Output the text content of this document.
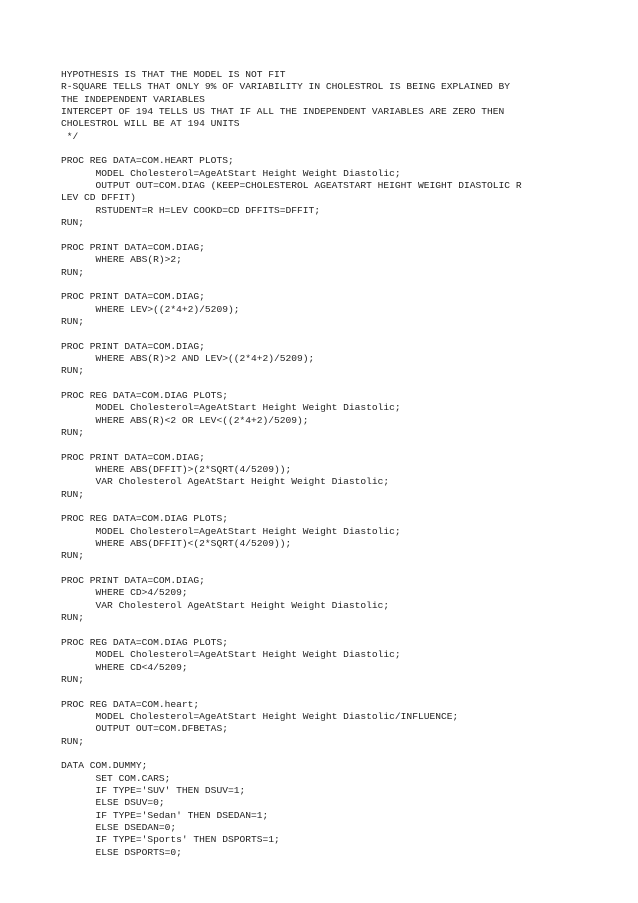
HYPOTHESIS IS THAT THE MODEL IS NOT FIT
R-SQUARE TELLS THAT ONLY 9% OF VARIABILITY IN CHOLESTROL IS BEING EXPLAINED BY
THE INDEPENDENT VARIABLES
INTERCEPT OF 194 TELLS US THAT IF ALL THE INDEPENDENT VARIABLES ARE ZERO THEN
CHOLESTROL WILL BE AT 194 UNITS
*/
PROC REG DATA=COM.HEART PLOTS;
MODEL Cholesterol=AgeAtStart Height Weight Diastolic;
OUTPUT OUT=COM.DIAG (KEEP=CHOLESTEROL AGEATSTART HEIGHT WEIGHT DIASTOLIC R
LEV CD DFFIT)
RSTUDENT=R H=LEV COOKD=CD DFFITS=DFFIT;
RUN;
PROC PRINT DATA=COM.DIAG;
WHERE ABS(R)>2;
RUN;
PROC PRINT DATA=COM.DIAG;
WHERE LEV>((2*4+2)/5209);
RUN;
PROC PRINT DATA=COM.DIAG;
WHERE ABS(R)>2 AND LEV>((2*4+2)/5209);
RUN;
PROC REG DATA=COM.DIAG PLOTS;
MODEL Cholesterol=AgeAtStart Height Weight Diastolic;
WHERE ABS(R)<2 OR LEV<((2*4+2)/5209);
RUN;
PROC PRINT DATA=COM.DIAG;
WHERE ABS(DFFIT)>(2*SQRT(4/5209));
VAR Cholesterol AgeAtStart Height Weight Diastolic;
RUN;
PROC REG DATA=COM.DIAG PLOTS;
MODEL Cholesterol=AgeAtStart Height Weight Diastolic;
WHERE ABS(DFFIT)<(2*SQRT(4/5209));
RUN;
PROC PRINT DATA=COM.DIAG;
WHERE CD>4/5209;
VAR Cholesterol AgeAtStart Height Weight Diastolic;
RUN;
PROC REG DATA=COM.DIAG PLOTS;
MODEL Cholesterol=AgeAtStart Height Weight Diastolic;
WHERE CD<4/5209;
RUN;
PROC REG DATA=COM.heart;
MODEL Cholesterol=AgeAtStart Height Weight Diastolic/INFLUENCE;
OUTPUT OUT=COM.DFBETAS;
RUN;
DATA COM.DUMMY;
SET COM.CARS;
IF TYPE='SUV' THEN DSUV=1;
ELSE DSUV=0;
IF TYPE='Sedan' THEN DSEDAN=1;
ELSE DSEDAN=0;
IF TYPE='Sports' THEN DSPORTS=1;
ELSE DSPORTS=0;
